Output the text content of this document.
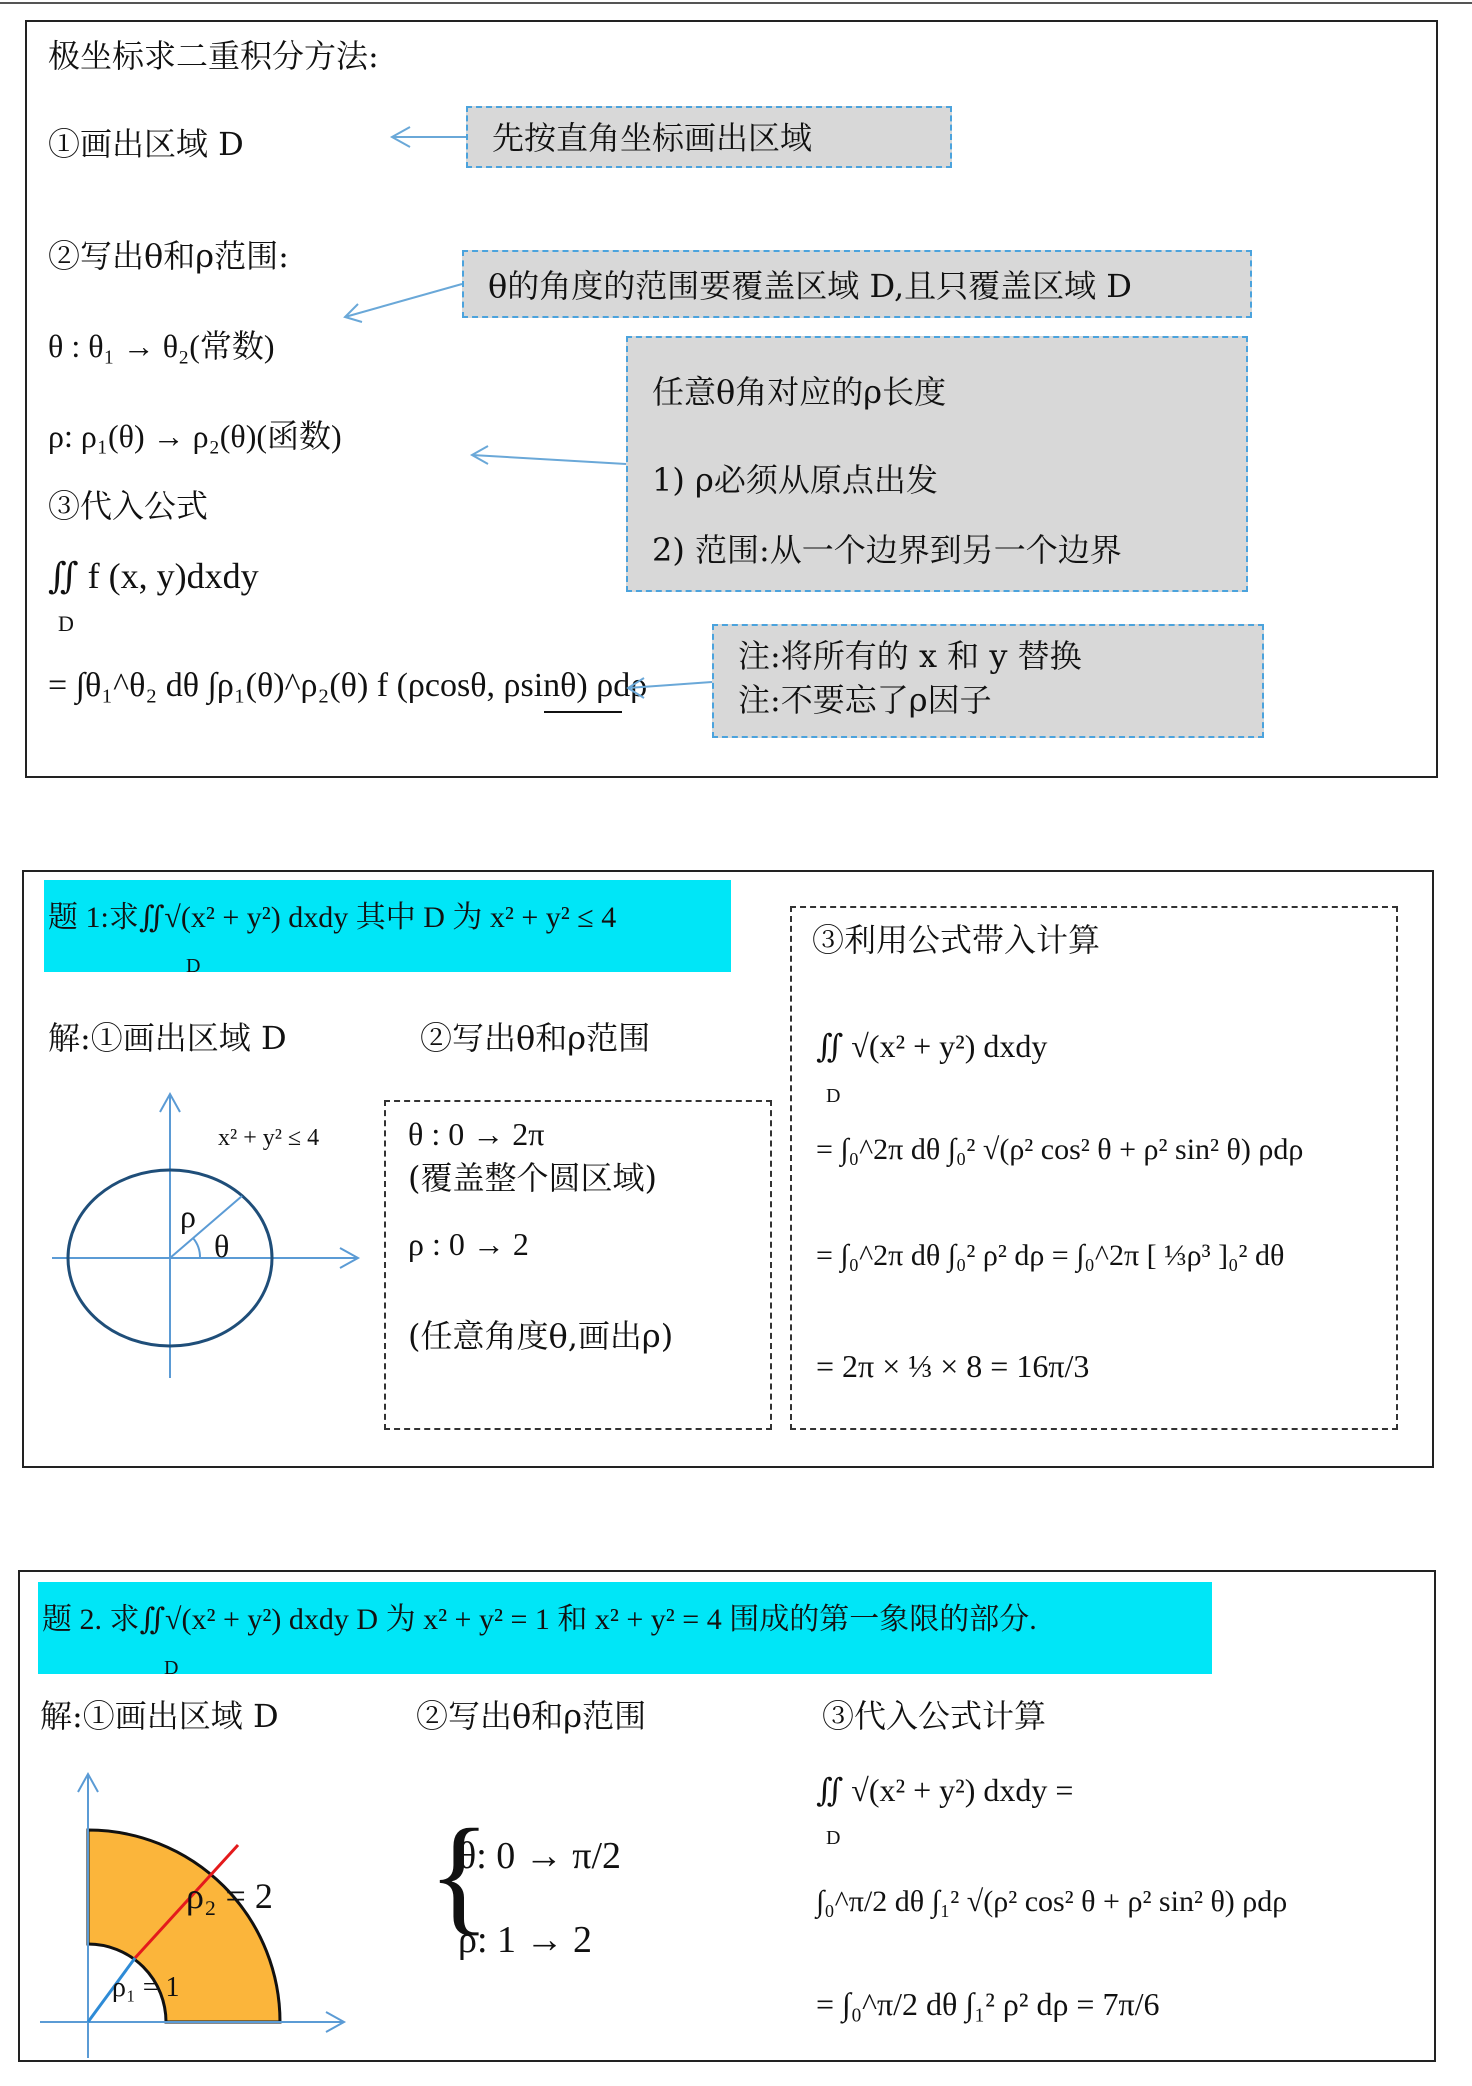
极坐标求二重积分方法:
①画出区域 D	先按直角坐标画出区域
②写出θ和ρ范围:
θ的角度的范围要覆盖区域 D,且只覆盖区域 D
θ : θ₁ → θ₂(常数)
ρ: ρ₁(θ) → ρ₂(θ)(函数)
任意θ角对应的ρ长度
1) ρ必须从原点出发
2) 范围:从一个边界到另一个边界
③代入公式
∬ f (x, y)dxdy
D
= ∫θ₁^θ₂ dθ ∫ρ₁(θ)^ρ₂(θ) f (ρcosθ, ρsinθ) ρdρ
注:将所有的 x 和 y 替换
注:不要忘了ρ因子
题 1:求∬√(x² + y²) dxdy 其中 D 为 x² + y² ≤ 4
D
解:①画出区域 D	②写出θ和ρ范围
x² + y² ≤ 4
ρ
θ
θ : 0 → 2π
(覆盖整个圆区域)
ρ : 0 → 2
(任意角度θ,画出ρ)
③利用公式带入计算
∬ √(x² + y²) dxdy
D
= ∫₀^2π dθ ∫₀² √(ρ² cos² θ + ρ² sin² θ) ρdρ
= ∫₀^2π dθ ∫₀² ρ² dρ = ∫₀^2π [ ⅓ρ³ ]₀² dθ
= 2π × ⅓ × 8 = 16π/3
题 2. 求∬√(x² + y²) dxdy D 为 x² + y² = 1 和 x² + y² = 4 围成的第一象限的部分.
D
解:①画出区域 D	②写出θ和ρ范围	③代入公式计算
ρ₂ = 2
ρ₁ = 1
{
θ: 0 → π/2
ρ: 1 → 2
∬ √(x² + y²) dxdy =
D
∫₀^π/2 dθ ∫₁² √(ρ² cos² θ + ρ² sin² θ) ρdρ
= ∫₀^π/2 dθ ∫₁² ρ² dρ = 7π/6
